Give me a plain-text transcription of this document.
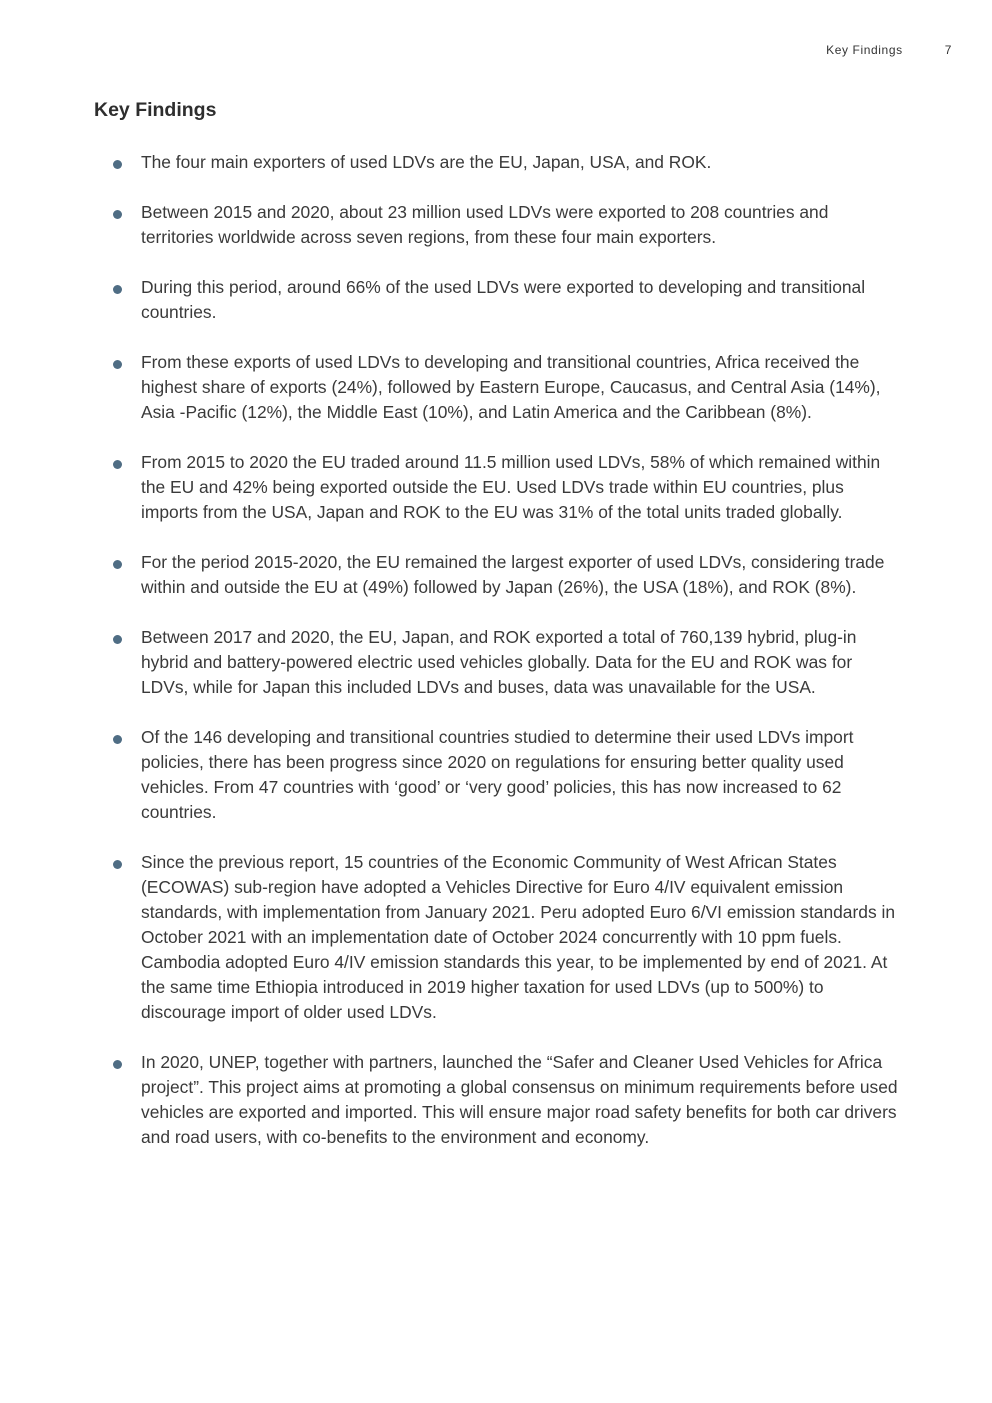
Key Findings	7
Key Findings
The four main exporters of used LDVs are the EU, Japan, USA, and ROK.
Between 2015 and 2020, about 23 million used LDVs were exported to 208 countries and territories worldwide across seven regions, from these four main exporters.
During this period, around 66% of the used LDVs were exported to developing and transitional countries.
From these exports of used LDVs to developing and transitional countries, Africa received the highest share of exports (24%), followed by Eastern Europe, Caucasus, and Central Asia (14%), Asia -Pacific (12%), the Middle East (10%), and Latin America and the Caribbean (8%).
From 2015 to 2020 the EU traded around 11.5 million used LDVs, 58% of which remained within the EU and 42% being exported outside the EU. Used LDVs trade within EU countries, plus imports from the USA, Japan and ROK to the EU was 31% of the total units traded globally.
For the period 2015-2020, the EU remained the largest exporter of used LDVs, considering trade within and outside the EU at (49%) followed by Japan (26%), the USA (18%), and ROK (8%).
Between 2017 and 2020, the EU, Japan, and ROK exported a total of 760,139 hybrid, plug-in hybrid and battery-powered electric used vehicles globally. Data for the EU and ROK was for LDVs, while for Japan this included LDVs and buses, data was unavailable for the USA.
Of the 146 developing and transitional countries studied to determine their used LDVs import policies, there has been progress since 2020 on regulations for ensuring better quality used vehicles. From 47 countries with ‘good’ or ‘very good’ policies, this has now increased to 62 countries.
Since the previous report, 15 countries of the Economic Community of West African States (ECOWAS) sub-region have adopted a Vehicles Directive for Euro 4/IV equivalent emission standards, with implementation from January 2021. Peru adopted Euro 6/VI emission standards in October 2021 with an implementation date of October 2024 concurrently with 10 ppm fuels. Cambodia adopted Euro 4/IV emission standards this year, to be implemented by end of 2021. At the same time Ethiopia introduced in 2019 higher taxation for used LDVs (up to 500%) to discourage import of older used LDVs.
In 2020, UNEP, together with partners, launched the “Safer and Cleaner Used Vehicles for Africa project”. This project aims at promoting a global consensus on minimum requirements before used vehicles are exported and imported. This will ensure major road safety benefits for both car drivers and road users, with co-benefits to the environment and economy.
